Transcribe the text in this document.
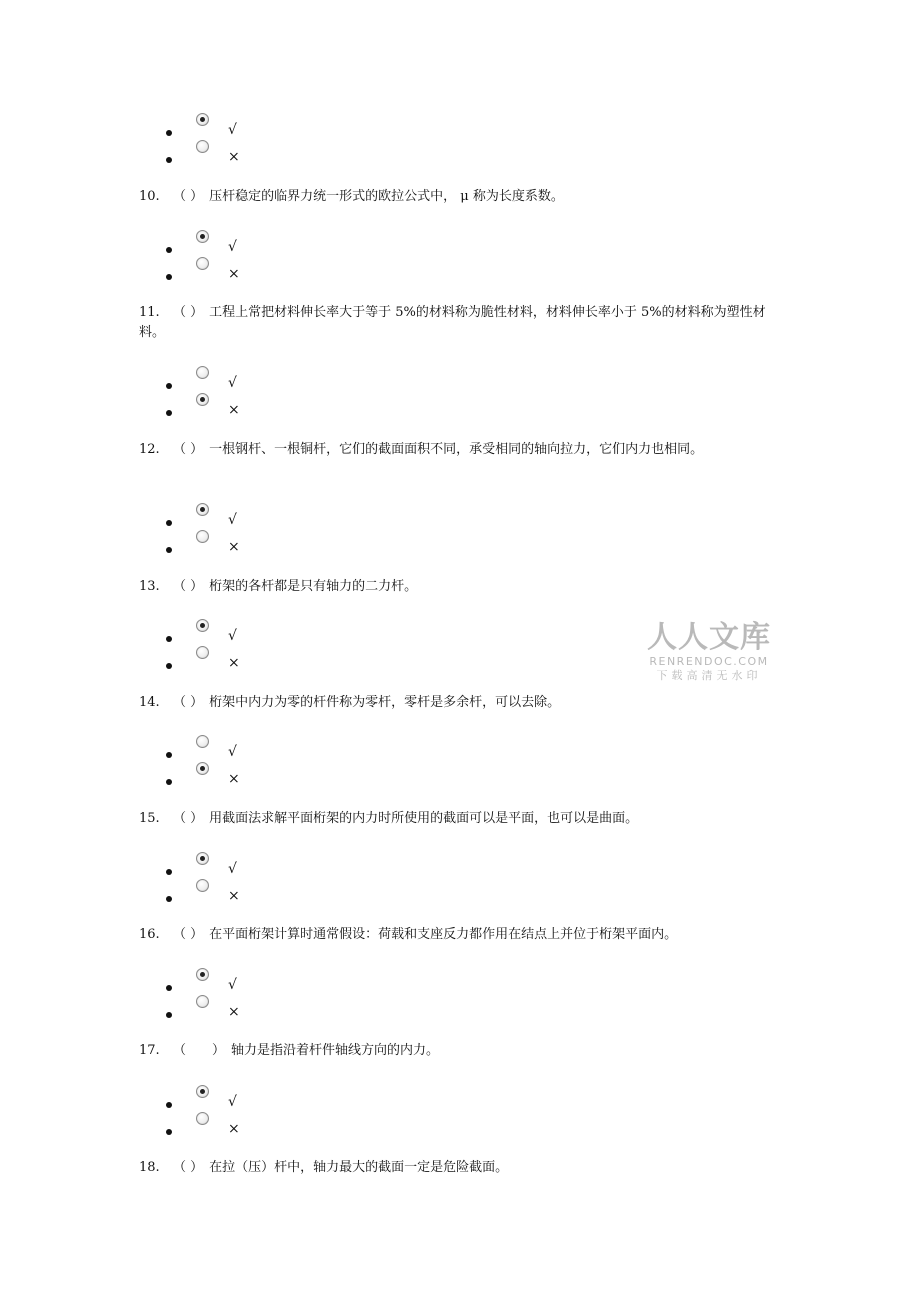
√
×
10. （ ） 压杆稳定的临界力统一形式的欧拉公式中， μ 称为长度系数。
√
×
11. （ ） 工程上常把材料伸长率大于等于 5%的材料称为脆性材料，材料伸长率小于 5%的材料称为塑性材料。
√
×
12. （ ） 一根钢杆、一根铜杆，它们的截面面积不同，承受相同的轴向拉力，它们内力也相同。
√
×
13. （ ） 桁架的各杆都是只有轴力的二力杆。
√
×
人人文库
RENRENDOC.COM
下载高清无水印
14. （ ） 桁架中内力为零的杆件称为零杆，零杆是多余杆，可以去除。
√
×
15. （ ） 用截面法求解平面桁架的内力时所使用的截面可以是平面，也可以是曲面。
√
×
16. （ ） 在平面桁架计算时通常假设：荷载和支座反力都作用在结点上并位于桁架平面内。
√
×
17. （　　） 轴力是指沿着杆件轴线方向的内力。
√
×
18. （ ） 在拉（压）杆中，轴力最大的截面一定是危险截面。
